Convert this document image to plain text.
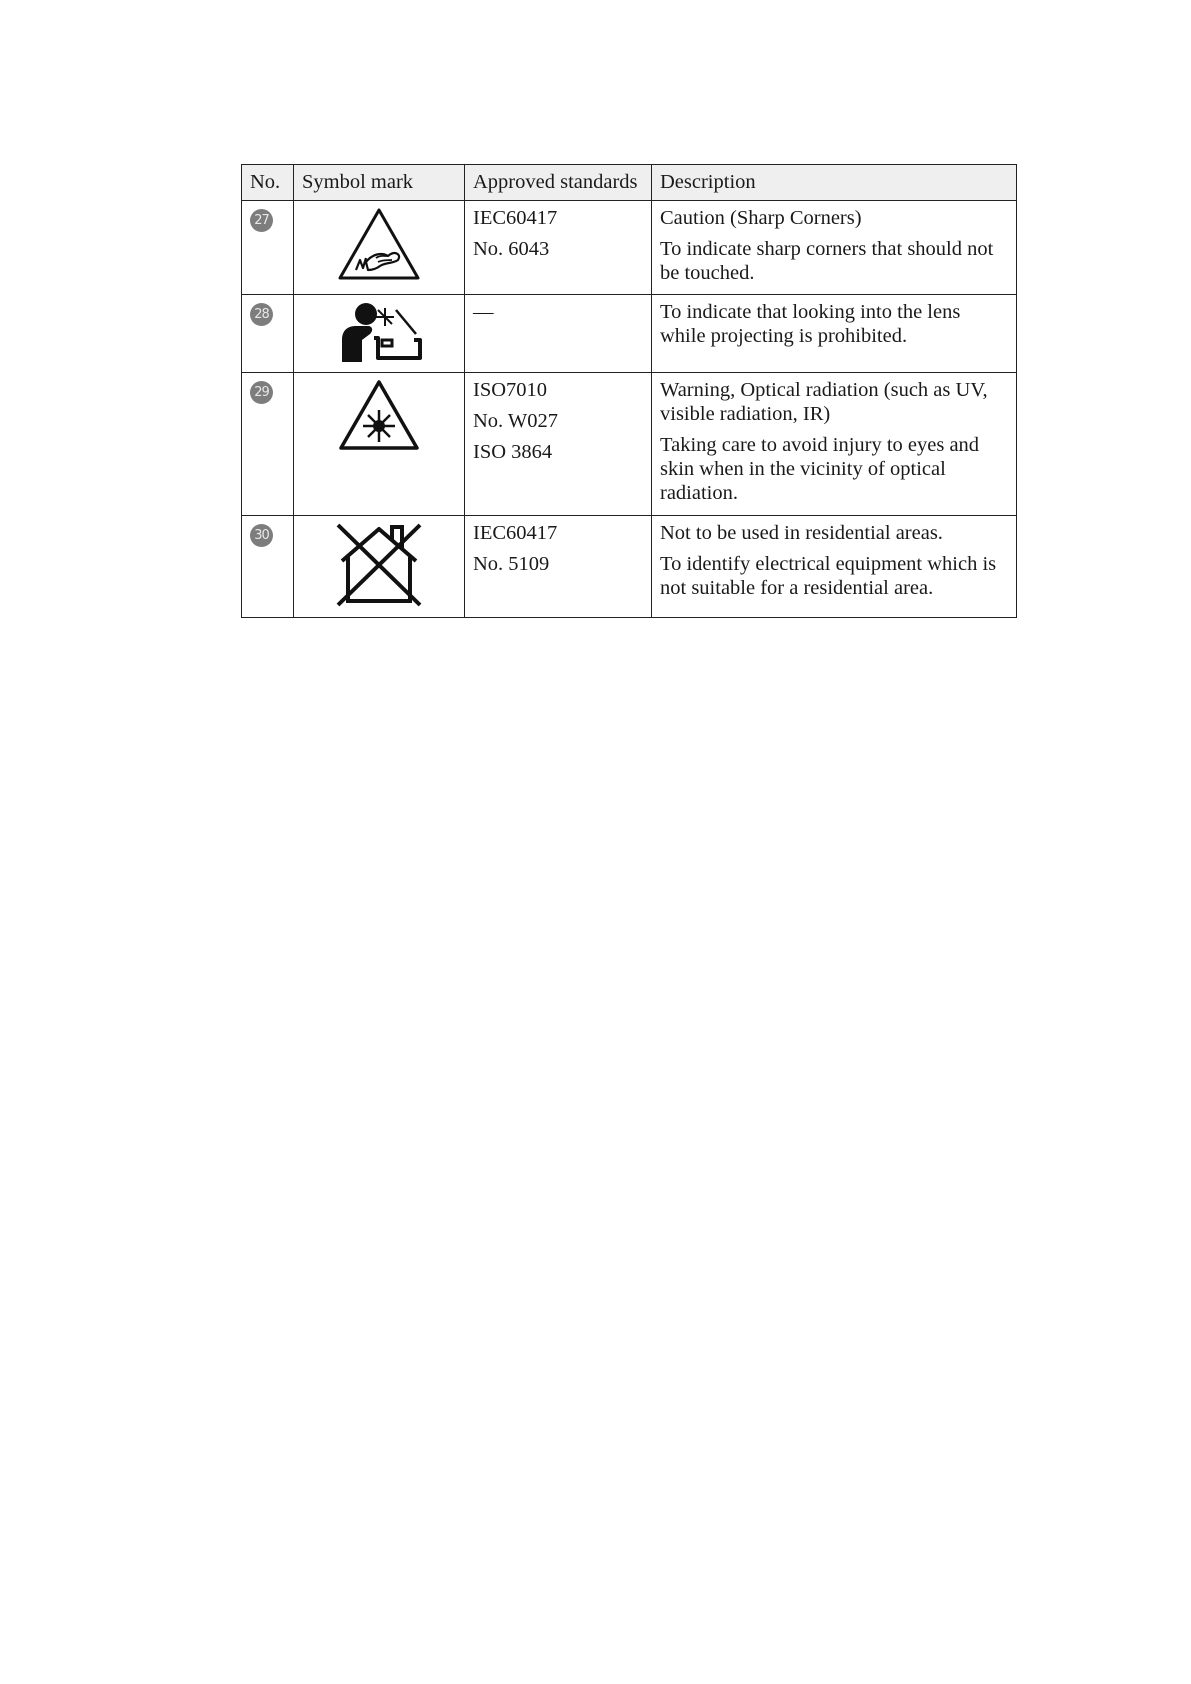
No.	Symbol mark	Approved standards	Description
27		IEC60417
No. 6043	Caution (Sharp Corners)
To indicate sharp corners that should not be touched.

28		—	To indicate that looking into the lens while projecting is prohibited.

29		ISO7010
No. W027
ISO 3864	Warning, Optical radiation (such as UV, visible radiation, IR)
Taking care to avoid injury to eyes and skin when in the vicinity of optical radiation.

30		IEC60417
No. 5109	Not to be used in residential areas.
To identify electrical equipment which is not suitable for a residential area.
